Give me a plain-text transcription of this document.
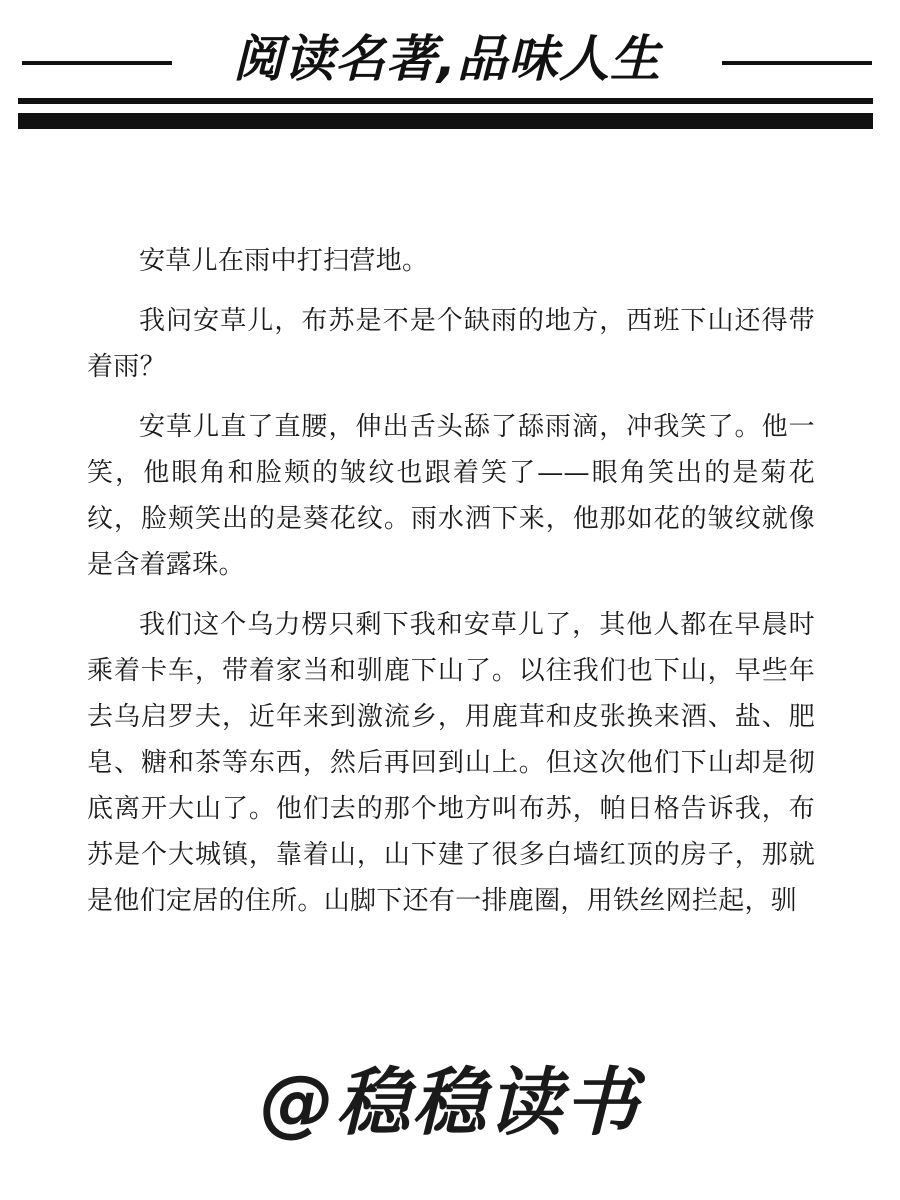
阅读名著,品味人生

安草儿在雨中打扫营地。

我问安草儿，布苏是不是个缺雨的地方，西班下山还得带着雨？

安草儿直了直腰，伸出舌头舔了舔雨滴，冲我笑了。他一笑，他眼角和脸颊的皱纹也跟着笑了——眼角笑出的是菊花纹，脸颊笑出的是葵花纹。雨水洒下来，他那如花的皱纹就像是含着露珠。

我们这个乌力楞只剩下我和安草儿了，其他人都在早晨时乘着卡车，带着家当和驯鹿下山了。以往我们也下山，早些年去乌启罗夫，近年来到激流乡，用鹿茸和皮张换来酒、盐、肥皂、糖和茶等东西，然后再回到山上。但这次他们下山却是彻底离开大山了。他们去的那个地方叫布苏，帕日格告诉我，布苏是个大城镇，靠着山，山下建了很多白墙红顶的房子，那就是他们定居的住所。山脚下还有一排鹿圈，用铁丝网拦起，驯

@稳稳读书
